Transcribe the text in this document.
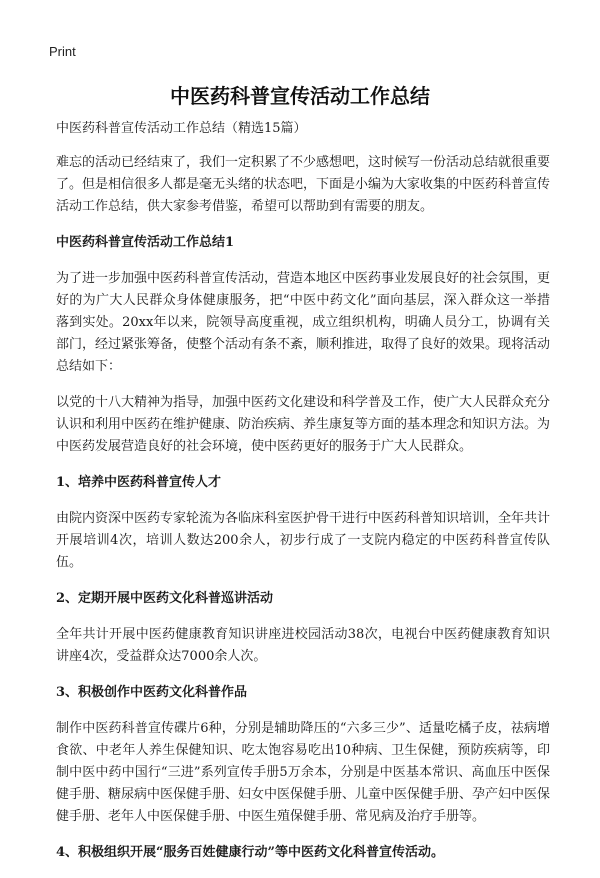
Print
中医药科普宣传活动工作总结

中医药科普宣传活动工作总结（精选15篇）

难忘的活动已经结束了，我们一定积累了不少感想吧，这时候写一份活动总结就很重要了。但是相信很多人都是毫无头绪的状态吧，下面是小编为大家收集的中医药科普宣传活动工作总结，供大家参考借鉴，希望可以帮助到有需要的朋友。

中医药科普宣传活动工作总结1

为了进一步加强中医药科普宣传活动，营造本地区中医药事业发展良好的社会氛围，更好的为广大人民群众身体健康服务，把“中医中药文化”面向基层，深入群众这一举措落到实处。20xx年以来，院领导高度重视，成立组织机构，明确人员分工，协调有关部门，经过紧张筹备，使整个活动有条不紊，顺利推进，取得了良好的效果。现将活动总结如下：

以党的十八大精神为指导，加强中医药文化建设和科学普及工作，使广大人民群众充分认识和利用中医药在维护健康、防治疾病、养生康复等方面的基本理念和知识方法。为中医药发展营造良好的社会环境，使中医药更好的服务于广大人民群众。

1、培养中医药科普宣传人才

由院内资深中医药专家轮流为各临床科室医护骨干进行中医药科普知识培训，全年共计开展培训4次，培训人数达200余人，初步行成了一支院内稳定的中医药科普宣传队伍。

2、定期开展中医药文化科普巡讲活动

全年共计开展中医药健康教育知识讲座进校园活动38次，电视台中医药健康教育知识讲座4次，受益群众达7000余人次。

3、积极创作中医药文化科普作品

制作中医药科普宣传碟片6种，分别是辅助降压的“六多三少”、适量吃橘子皮，祛病增食欲、中老年人养生保健知识、吃太饱容易吃出10种病、卫生保健，预防疾病等，印制中医中药中国行“三进”系列宣传手册5万余本，分别是中医基本常识、高血压中医保健手册、糖尿病中医保健手册、妇女中医保健手册、儿童中医保健手册、孕产妇中医保健手册、老年人中医保健手册、中医生殖保健手册、常见病及治疗手册等。

4、积极组织开展“服务百姓健康行动”等中医药文化科普宣传活动。
